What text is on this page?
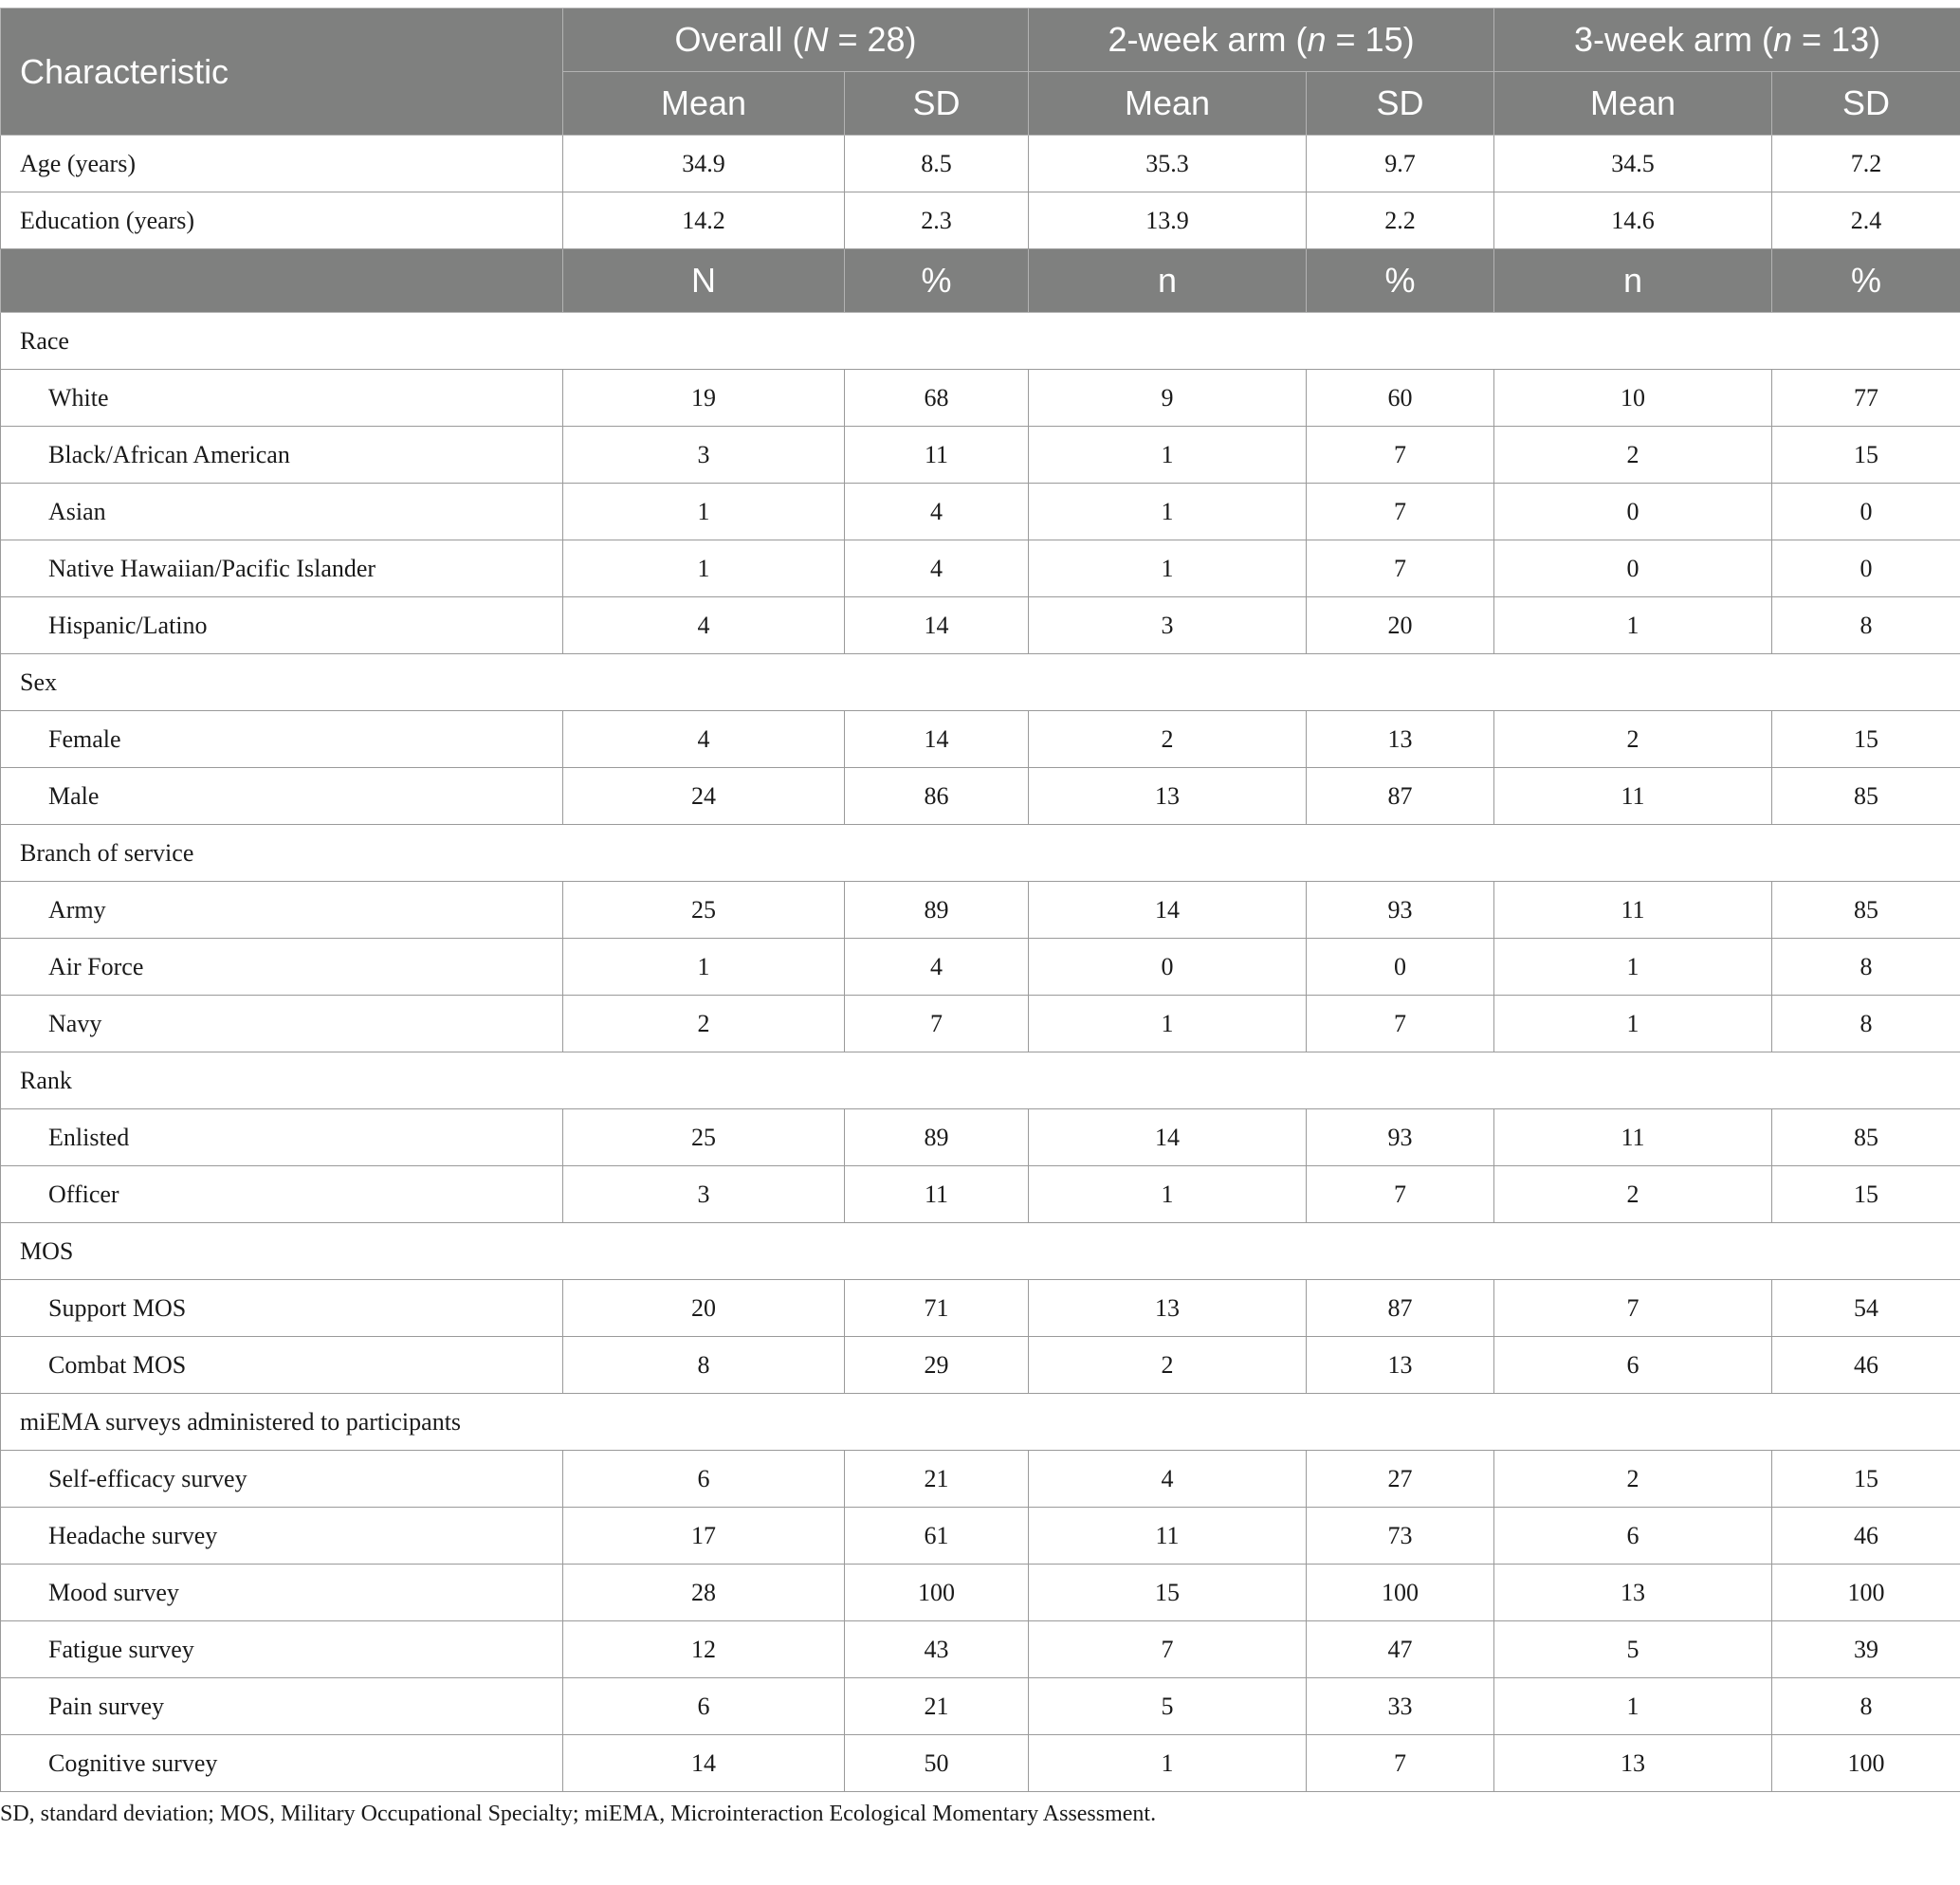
Characteristic	Overall (N = 28)		2-week arm (n = 15)		3-week arm (n = 13)	
	Mean	SD	Mean	SD	Mean	SD
Age (years)	34.9	8.5	35.3	9.7	34.5	7.2
Education (years)	14.2	2.3	13.9	2.2	14.6	2.4
	N	%	n	%	n	%
Race						
White	19	68	9	60	10	77
Black/African American	3	11	1	7	2	15
Asian	1	4	1	7	0	0
Native Hawaiian/Pacific Islander	1	4	1	7	0	0
Hispanic/Latino	4	14	3	20	1	8
Sex						
Female	4	14	2	13	2	15
Male	24	86	13	87	11	85
Branch of service						
Army	25	89	14	93	11	85
Air Force	1	4	0	0	1	8
Navy	2	7	1	7	1	8
Rank						
Enlisted	25	89	14	93	11	85
Officer	3	11	1	7	2	15
MOS						
Support MOS	20	71	13	87	7	54
Combat MOS	8	29	2	13	6	46
miEMA surveys administered to participants						
Self-efficacy survey	6	21	4	27	2	15
Headache survey	17	61	11	73	6	46
Mood survey	28	100	15	100	13	100
Fatigue survey	12	43	7	47	5	39
Pain survey	6	21	5	33	1	8
Cognitive survey	14	50	1	7	13	100
SD, standard deviation; MOS, Military Occupational Specialty; miEMA, Microinteraction Ecological Momentary Assessment.
